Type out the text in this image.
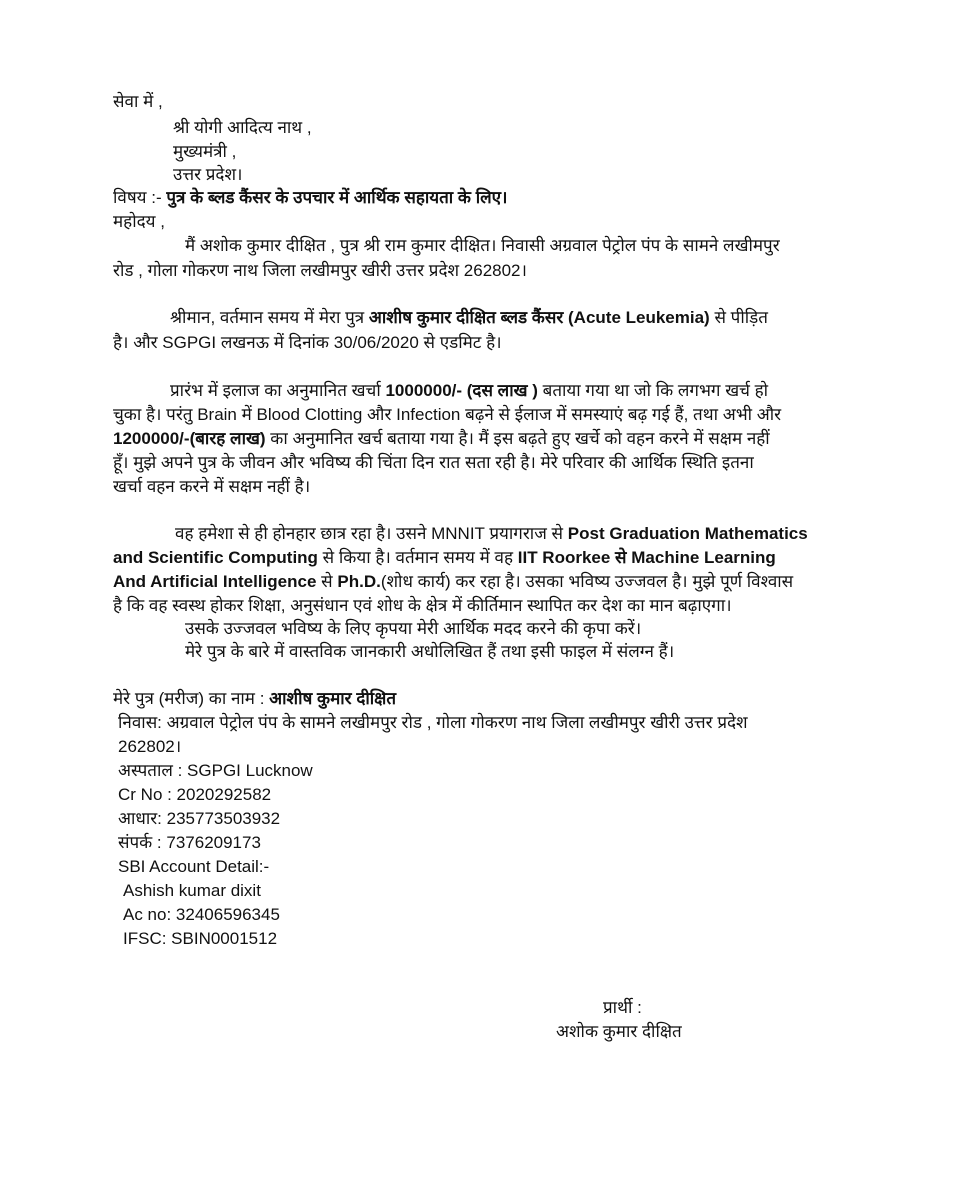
सेवा में ,
श्री योगी आदित्य नाथ ,
मुख्यमंत्री ,
उत्तर प्रदेश।
विषय :- पुत्र के ब्लड कैंसर के उपचार में आर्थिक सहायता के लिए।
महोदय ,
मैं अशोक कुमार दीक्षित , पुत्र श्री राम कुमार दीक्षित। निवासी अग्रवाल पेट्रोल पंप के सामने लखीमपुर
रोड , गोला गोकरण नाथ जिला लखीमपुर खीरी उत्तर प्रदेश 262802।
श्रीमान, वर्तमान समय में मेरा पुत्र आशीष कुमार दीक्षित ब्लड कैंसर (Acute Leukemia) से पीड़ित
है। और SGPGI लखनऊ में दिनांक 30/06/2020 से एडमिट है।
प्रारंभ में इलाज का अनुमानित खर्चा 1000000/- (दस लाख ) बताया गया था जो कि लगभग खर्च हो
चुका है। परंतु Brain में Blood Clotting और Infection बढ़ने से ईलाज में समस्याएं बढ़ गई हैं, तथा अभी और
1200000/-(बारह लाख) का अनुमानित खर्च बताया गया है। मैं इस बढ़ते हुए खर्चे को वहन करने में सक्षम नहीं
हूँ। मुझे अपने पुत्र के जीवन और भविष्य की चिंता दिन रात सता रही है। मेरे परिवार की आर्थिक स्थिति इतना
खर्चा वहन करने में सक्षम नहीं है।
वह हमेशा से ही होनहार छात्र रहा है। उसने MNNIT प्रयागराज से Post Graduation Mathematics
and Scientific Computing से किया है। वर्तमान समय में वह IIT Roorkee से Machine Learning
And Artificial Intelligence से Ph.D.(शोध कार्य) कर रहा है। उसका भविष्य उज्जवल है। मुझे पूर्ण विश्वास
है कि वह स्वस्थ होकर शिक्षा, अनुसंधान एवं शोध के क्षेत्र में कीर्तिमान स्थापित कर देश का मान बढ़ाएगा।
उसके उज्जवल भविष्य के लिए कृपया मेरी आर्थिक मदद करने की कृपा करें।
मेरे पुत्र के बारे में वास्तविक जानकारी अधोलिखित हैं तथा इसी फाइल में संलग्न हैं।
मेरे पुत्र (मरीज) का नाम : आशीष कुमार दीक्षित
निवास: अग्रवाल पेट्रोल पंप के सामने लखीमपुर रोड , गोला गोकरण नाथ जिला लखीमपुर खीरी उत्तर प्रदेश
262802।
अस्पताल : SGPGI Lucknow
Cr No : 2020292582
आधार: 235773503932
संपर्क : 7376209173
SBI Account Detail:-
Ashish kumar dixit
Ac no: 32406596345
IFSC: SBIN0001512
प्रार्थी :
अशोक कुमार दीक्षित
